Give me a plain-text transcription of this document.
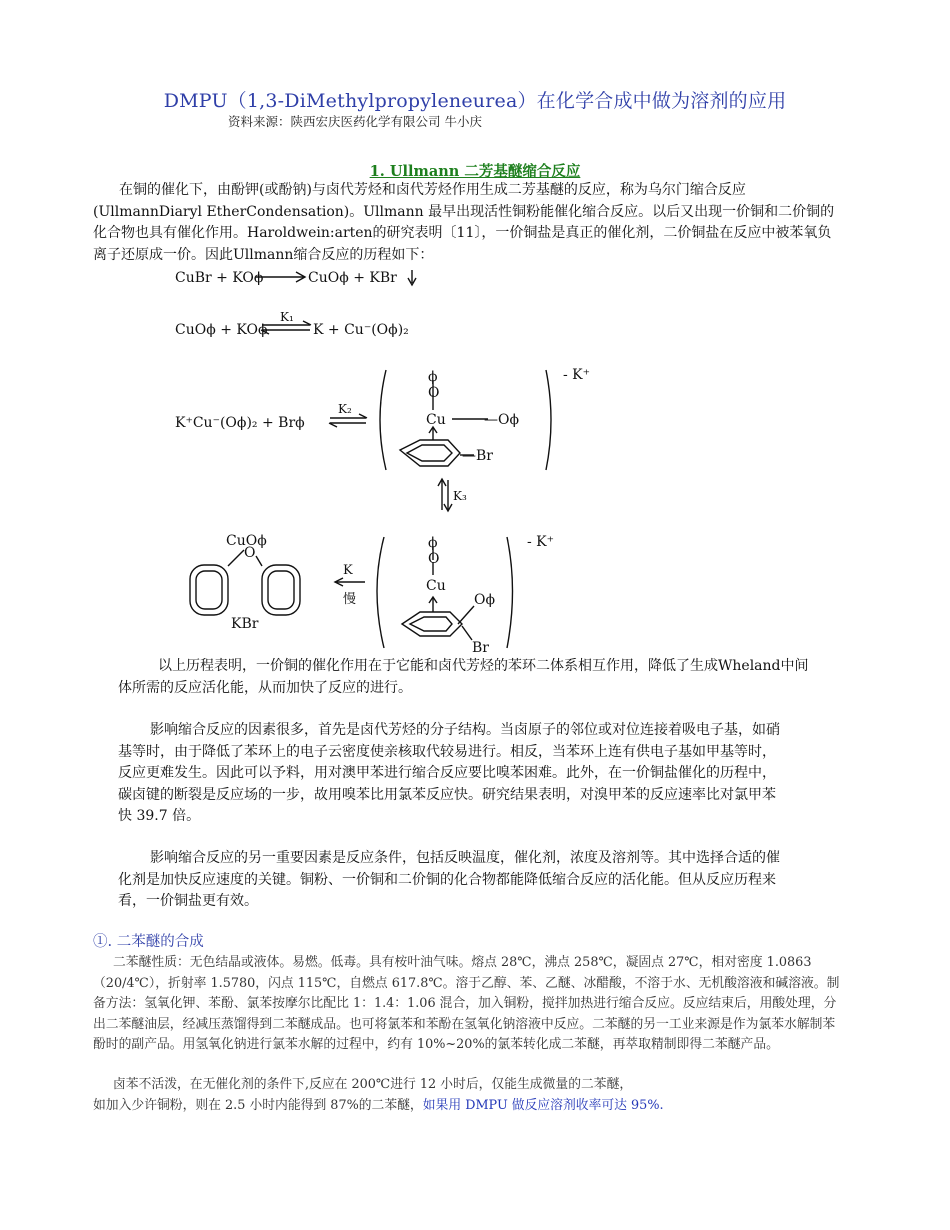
DMPU（1,3-DiMethylpropyleneurea）在化学合成中做为溶剂的应用
资料来源：陕西宏庆医药化学有限公司 牛小庆
1. Ullmann 二芳基醚缩合反应
在铜的催化下，由酚钾(或酚钠)与卤代芳烃和卤代芳烃作用生成二芳基醚的反应，称为乌尔门缩合反应(UllmannDiaryl EtherCondensation)。Ullmann 最早出现活性铜粉能催化缩合反应。以后又出现一价铜和二价铜的化合物也具有催化作用。Haroldwein:arten的研究表明〔11〕，一价铜盐是真正的催化剂，二价铜盐在反应中被苯氧负离子还原成一价。因此Ullmann缩合反应的历程如下：
CuBr + KOϕ	CuOϕ + KBr
CuOϕ + KOϕ
K₁
K + Cu⁻(Oϕ)₂
K⁺Cu⁻(Oϕ)₂ + Brϕ
K₂
ϕ
O
Cu	—Oϕ
—Br
- K⁺
K₃
CuOϕ
O
KBr
K
慢
ϕ
O
Cu
Oϕ
Br
- K⁺
以上历程表明，一价铜的催化作用在于它能和卤代芳烃的苯环二体系相互作用，降低了生成Wheland中间体所需的反应活化能，从而加快了反应的进行。
影响缩合反应的因素很多，首先是卤代芳烃的分子结构。当卤原子的邻位或对位连接着吸电子基，如硝基等时，由于降低了苯环上的电子云密度使亲核取代较易进行。相反，当苯环上连有供电子基如甲基等时，反应更难发生。因此可以予料，用对澳甲苯进行缩合反应要比嗅苯困难。此外，在一价铜盐催化的历程中，碳卤键的断裂是反应场的一步，故用嗅苯比用氯苯反应快。研究结果表明，对溴甲苯的反应速率比对氯甲苯快 39.7 倍。
影响缩合反应的另一重要因素是反应条件，包括反映温度，催化剂，浓度及溶剂等。其中选择合适的催化剂是加快反应速度的关键。铜粉、一价铜和二价铜的化合物都能降低缩合反应的活化能。但从反应历程来看，一价铜盐更有效。
①. 二苯醚的合成
二苯醚性质：无色结晶或液体。易燃。低毒。具有桉叶油气味。熔点 28℃，沸点 258℃，凝固点 27℃，相对密度 1.0863（20/4℃），折射率 1.5780，闪点 115℃，自燃点 617.8℃。溶于乙醇、苯、乙醚、冰醋酸，不溶于水、无机酸溶液和碱溶液。制备方法：氢氧化钾、苯酚、氯苯按摩尔比配比 1：1.4：1.06 混合，加入铜粉，搅拌加热进行缩合反应。反应结束后，用酸处理，分出二苯醚油层，经减压蒸馏得到二苯醚成品。也可将氯苯和苯酚在氢氧化钠溶液中反应。二苯醚的另一工业来源是作为氯苯水解制苯酚时的副产品。用氢氧化钠进行氯苯水解的过程中，约有 10%~20%的氯苯转化成二苯醚，再萃取精制即得二苯醚产品。
卤苯不活泼，在无催化剂的条件下,反应在 200℃进行 12 小时后，仅能生成微量的二苯醚，
如加入少许铜粉，则在 2.5 小时内能得到 87%的二苯醚，如果用 DMPU 做反应溶剂收率可达 95%.
